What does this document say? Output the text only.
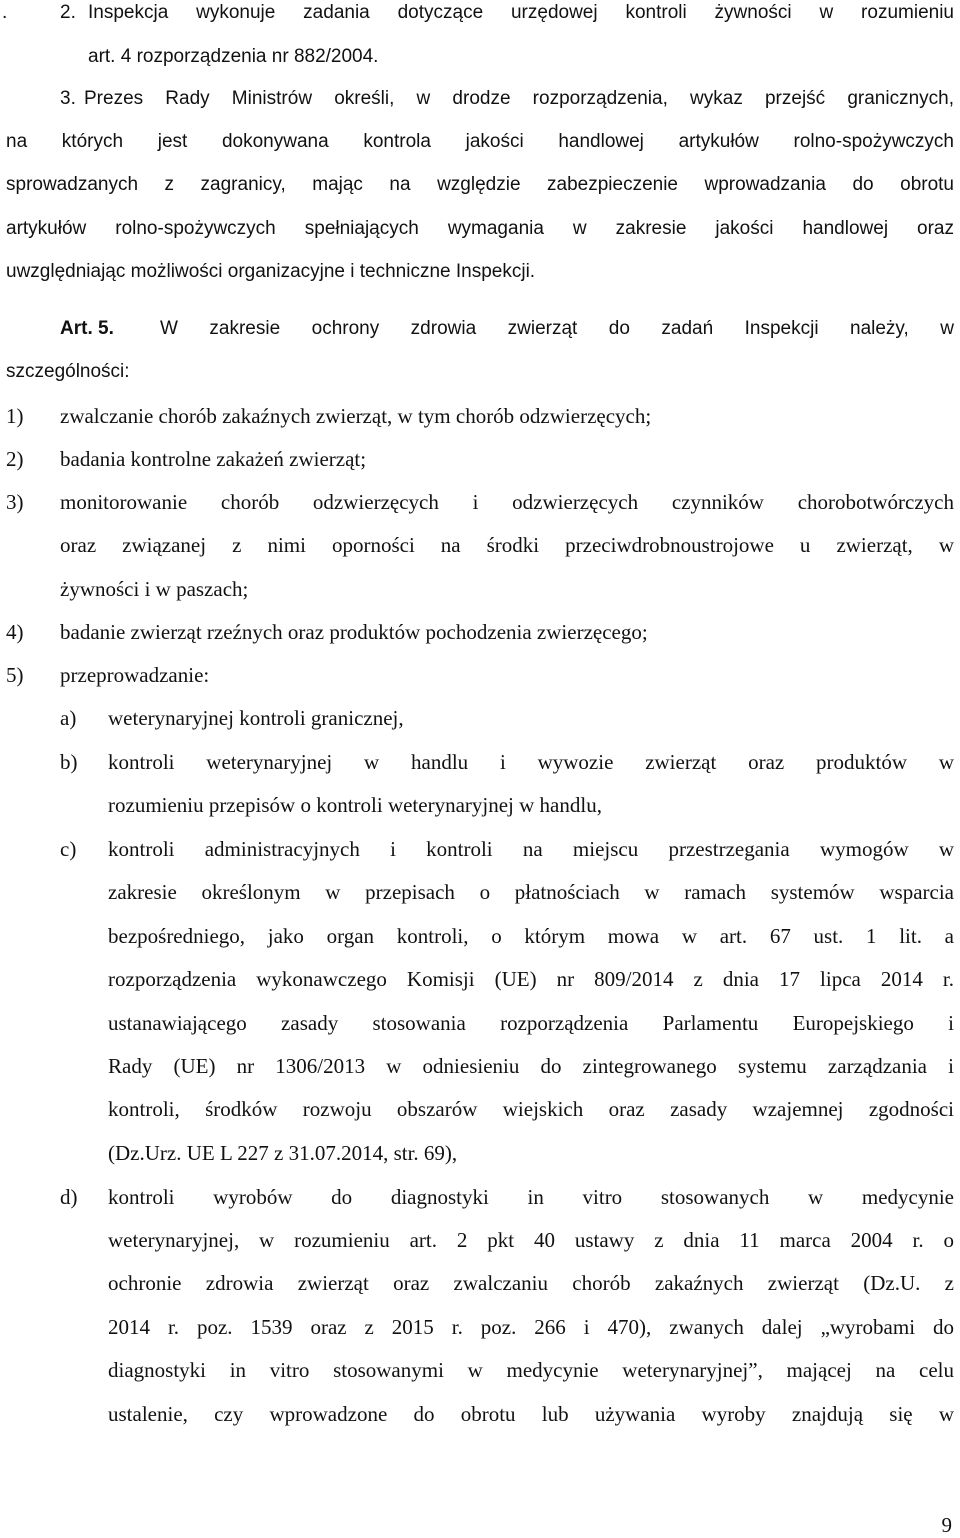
.	2. Inspekcja wykonuje zadania dotyczące urzędowej kontroli żywności w rozumieniu
art. 4 rozporządzenia nr 882/2004.
3. Prezes Rady Ministrów określi, w drodze rozporządzenia, wykaz przejść granicznych,
na których jest dokonywana kontrola jakości handlowej artykułów rolno-spożywczych
sprowadzanych z zagranicy, mając na względzie zabezpieczenie wprowadzania do obrotu
artykułów rolno-spożywczych spełniających wymagania w zakresie jakości handlowej oraz
uwzględniając możliwości organizacyjne i techniczne Inspekcji.
Art. 5. W zakresie ochrony zdrowia zwierząt do zadań Inspekcji należy, w
szczególności:
1) zwalczanie chorób zakaźnych zwierząt, w tym chorób odzwierzęcych;
2) badania kontrolne zakażeń zwierząt;
3) monitorowanie chorób odzwierzęcych i odzwierzęcych czynników chorobotwórczych
oraz związanej z nimi oporności na środki przeciwdrobnoustrojowe u zwierząt, w
żywności i w paszach;
4) badanie zwierząt rzeźnych oraz produktów pochodzenia zwierzęcego;
5) przeprowadzanie:
a) weterynaryjnej kontroli granicznej,
b) kontroli weterynaryjnej w handlu i wywozie zwierząt oraz produktów w
rozumieniu przepisów o kontroli weterynaryjnej w handlu,
c) kontroli administracyjnych i kontroli na miejscu przestrzegania wymogów w
zakresie określonym w przepisach o płatnościach w ramach systemów wsparcia
bezpośredniego, jako organ kontroli, o którym mowa w art. 67 ust. 1 lit. a
rozporządzenia wykonawczego Komisji (UE) nr 809/2014 z dnia 17 lipca 2014 r.
ustanawiającego zasady stosowania rozporządzenia Parlamentu Europejskiego i
Rady (UE) nr 1306/2013 w odniesieniu do zintegrowanego systemu zarządzania i
kontroli, środków rozwoju obszarów wiejskich oraz zasady wzajemnej zgodności
(Dz.Urz. UE L 227 z 31.07.2014, str. 69),
d) kontroli wyrobów do diagnostyki in vitro stosowanych w medycynie
weterynaryjnej, w rozumieniu art. 2 pkt 40 ustawy z dnia 11 marca 2004 r. o
ochronie zdrowia zwierząt oraz zwalczaniu chorób zakaźnych zwierząt (Dz.U. z
2014 r. poz. 1539 oraz z 2015 r. poz. 266 i 470), zwanych dalej „wyrobami do
diagnostyki in vitro stosowanymi w medycynie weterynaryjnej”, mającej na celu
ustalenie, czy wprowadzone do obrotu lub używania wyroby znajdują się w
9
